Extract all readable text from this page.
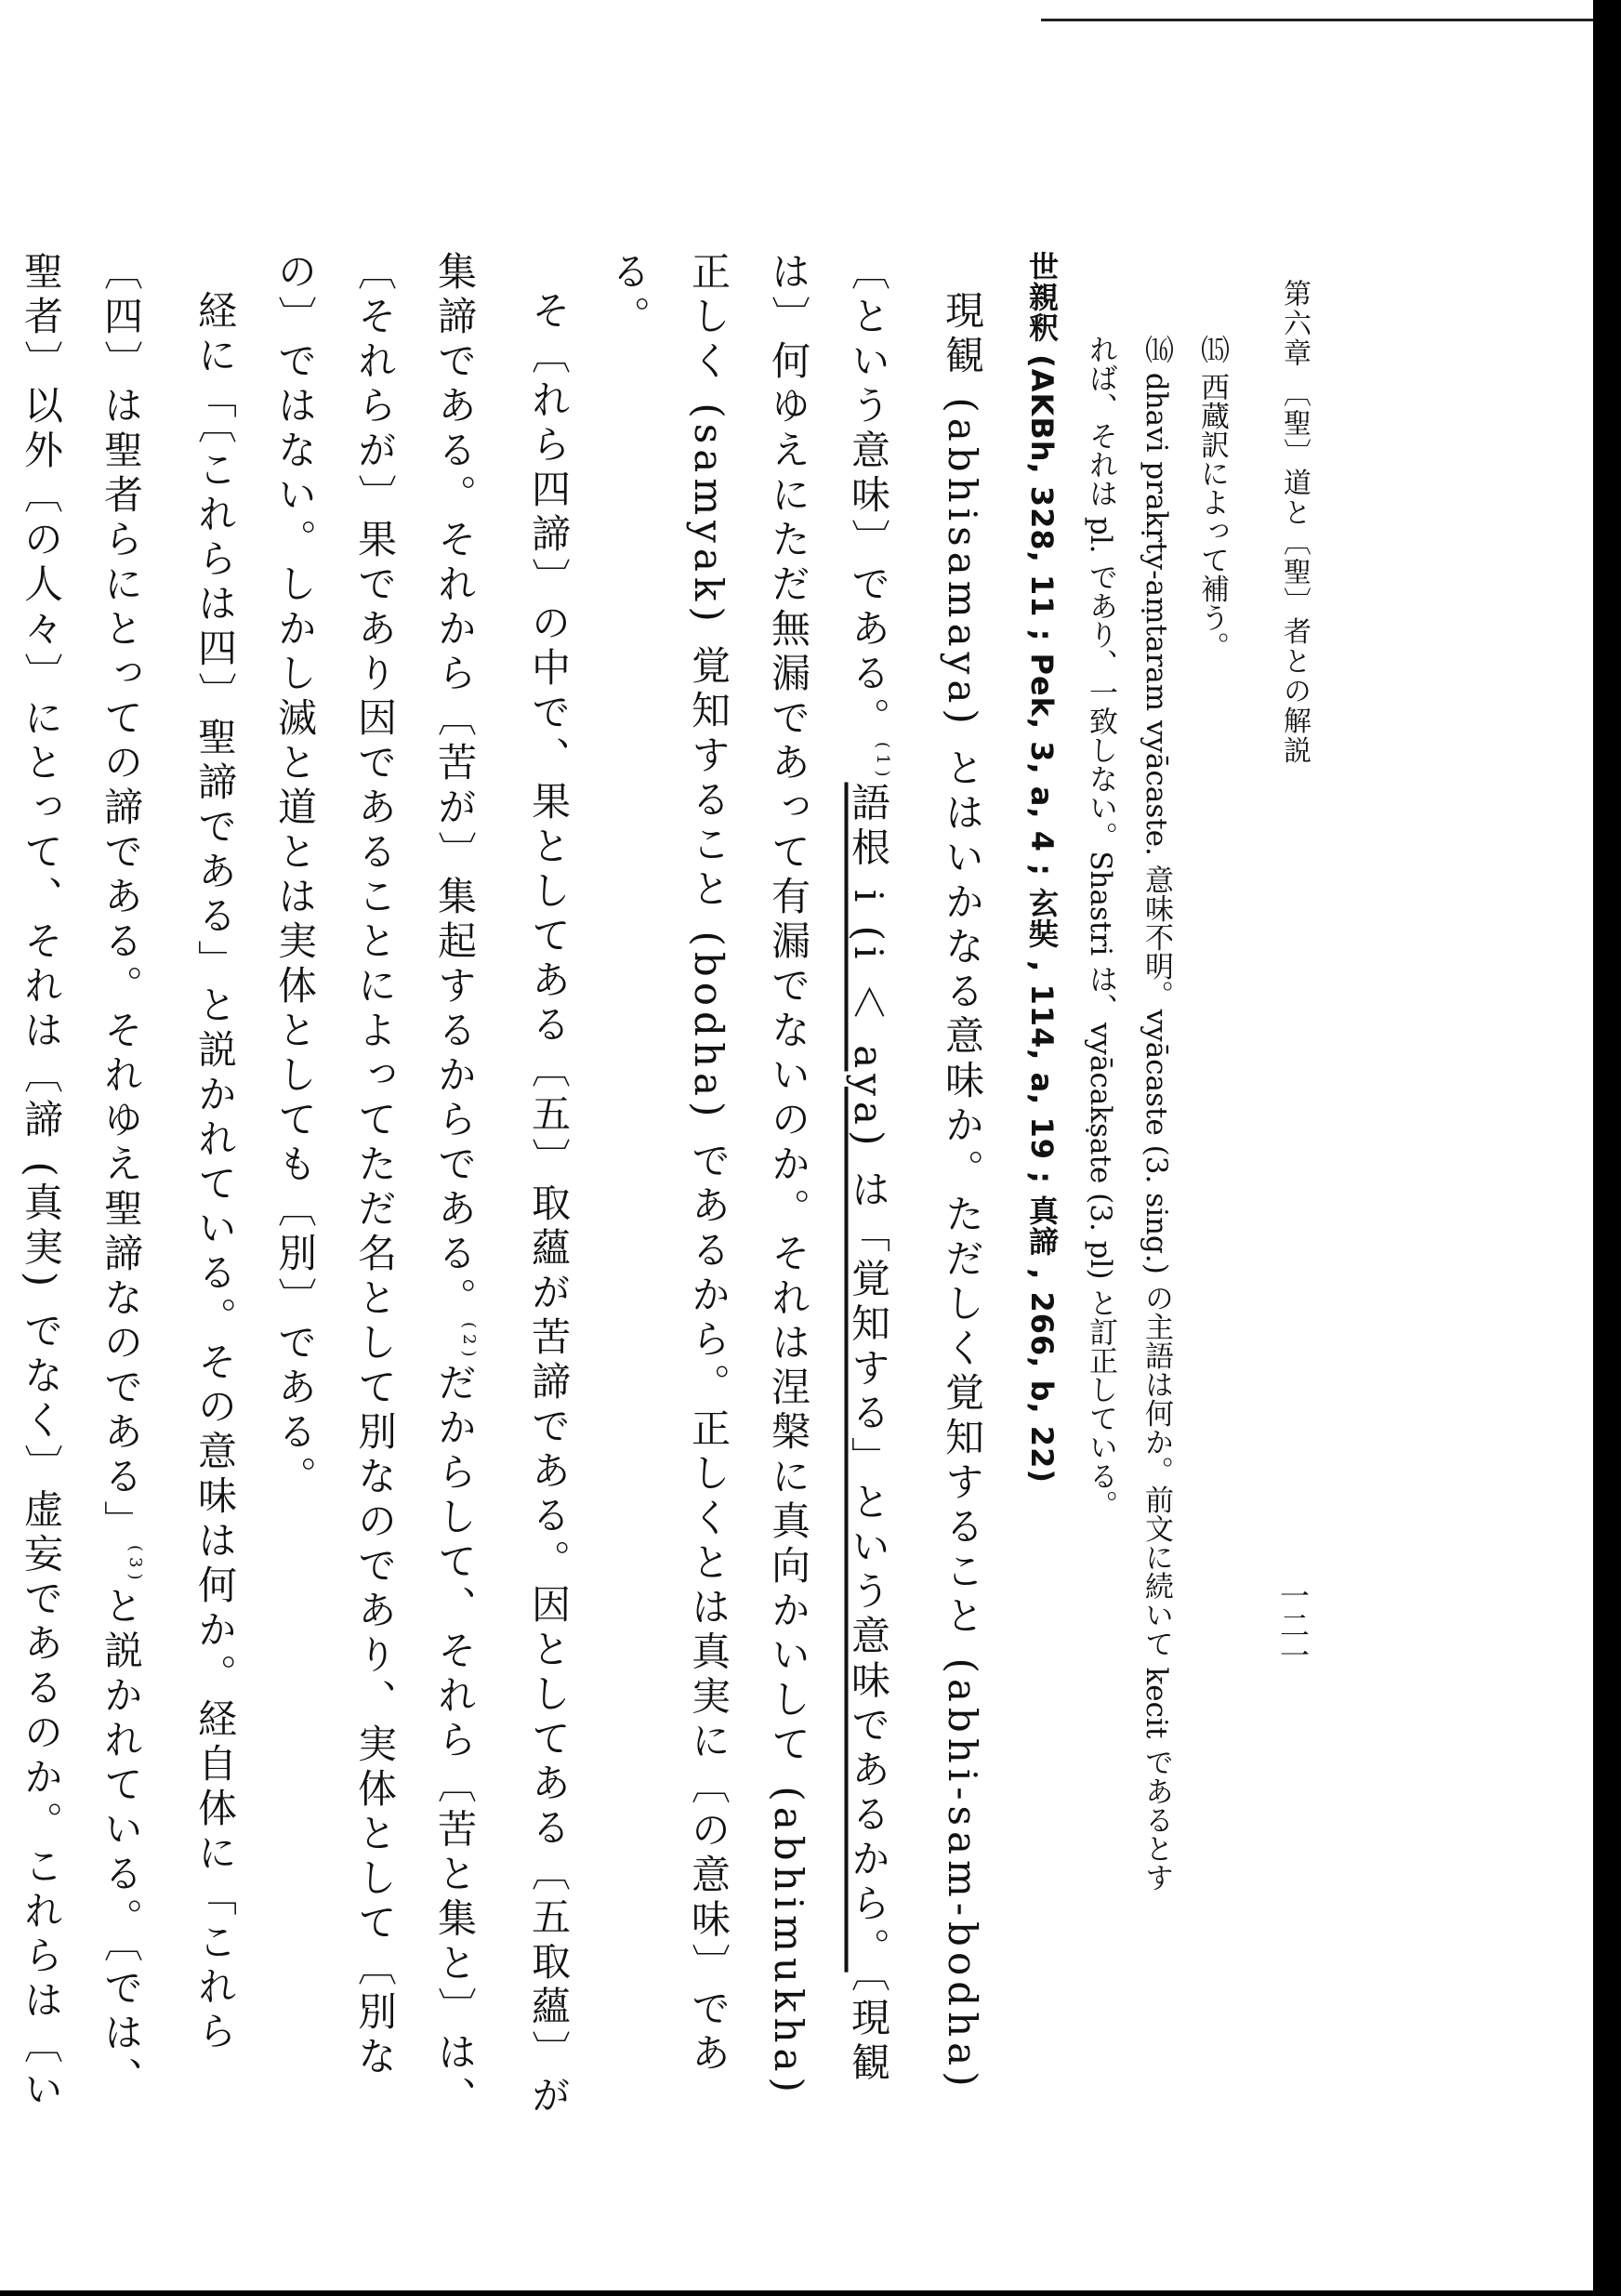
第六章 〔聖〕道と〔聖〕者との解説
一二一

⒂ 西蔵訳によって補う。

⒃ dhavi prakṛty-aṃtaram vyācaste. 意味不明。vyācaste (3. sing.) の主語は何か。前文に続いて kecit であるとすれば、それは pl. であり、一致しない。Shastri は、vyācakṣate (3. pl) と訂正している。

世親釈 (AKBh, 328, 11 ; Pek, 3, a, 4 ; 玄奘 , 114, a, 19 ; 真諦 , 266, b, 22)

現観 (abhisamaya) とはいかなる意味か。ただしく覚知すること (abhi-sam-bodha)〔という意味〕である。$^{(1)}$語根 i (i ＜ aya) は「覚知する」という意味であるから。〔現観は〕何ゆえにただ無漏であって有漏でないのか。それは涅槃に真向かいして (abhimukha) 正しく (samyak) 覚知すること (bodha) であるから。正しくとは真実に〔の意味〕である。

そ〔れら四諦〕の中で、果としてある〔五〕取蘊が苦諦である。因としてある〔五取蘊〕が集諦である。それから〔苦が〕集起するからである。$^{(2)}$だからして、それら〔苦と集と〕は、〔それらが〕果であり因であることによってただ名として別なのであり、実体として〔別なの〕ではない。しかし滅と道とは実体としても〔別〕である。

経に「〔これらは四〕聖諦である」と説かれている。その意味は何か。経自体に「これら〔四〕は聖者らにとっての諦である。それゆえ聖諦なのである」$^{(3)}$と説かれている。〔では、聖者〕以外〔の人々〕にとって、それは〔諦 (真実) でなく〕虚妄であるのか。これらは〔い
